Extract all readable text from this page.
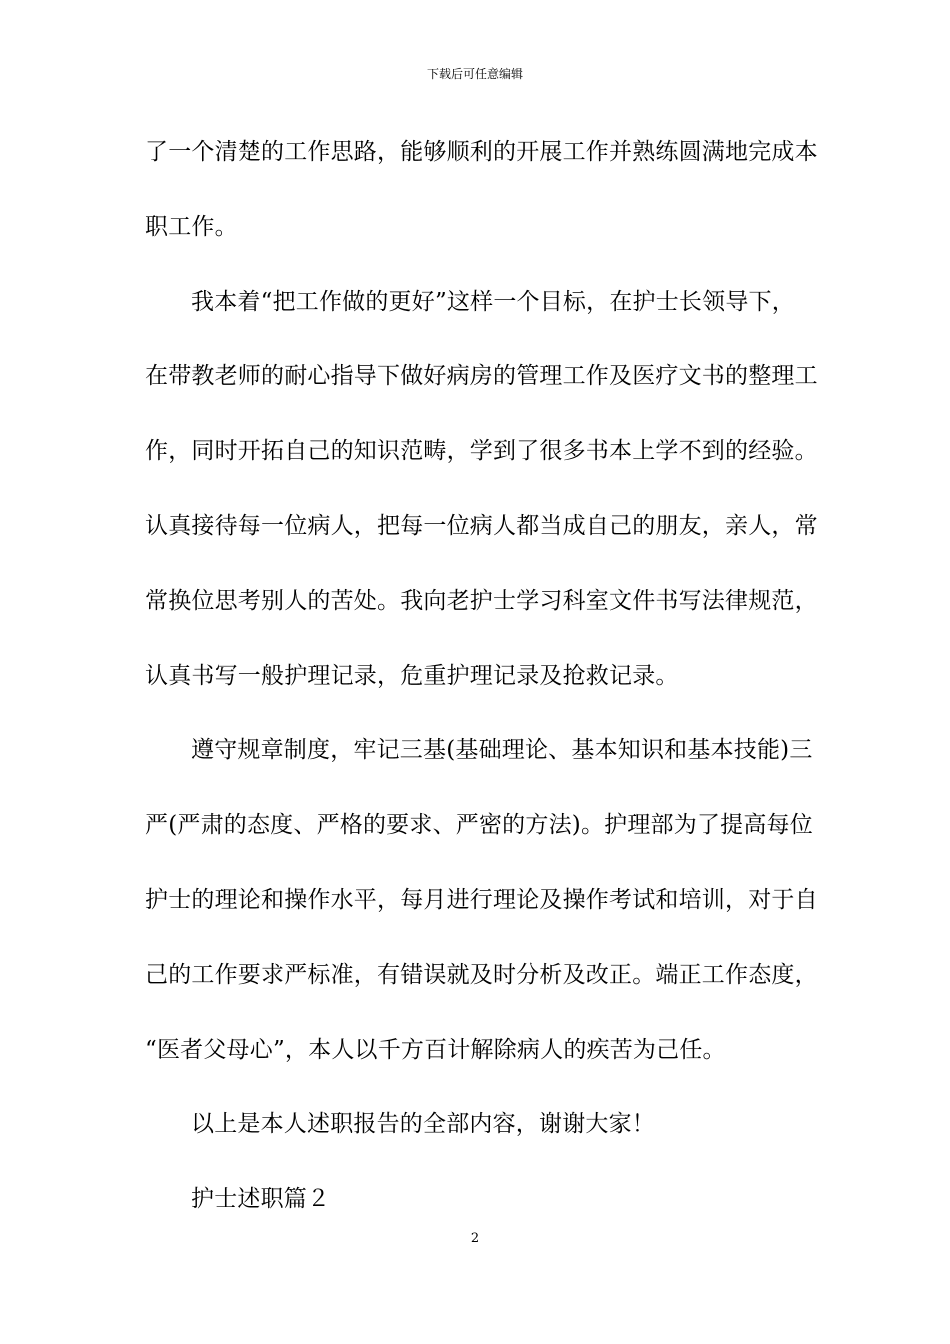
下载后可任意编辑
了一个清楚的工作思路，能够顺利的开展工作并熟练圆满地完成本
职工作。
我本着“把工作做的更好”这样一个目标，在护士长领导下，
在带教老师的耐心指导下做好病房的管理工作及医疗文书的整理工
作，同时开拓自己的知识范畴，学到了很多书本上学不到的经验。
认真接待每一位病人，把每一位病人都当成自己的朋友，亲人，常
常换位思考别人的苦处。我向老护士学习科室文件书写法律规范，
认真书写一般护理记录，危重护理记录及抢救记录。
遵守规章制度，牢记三基(基础理论、基本知识和基本技能)三
严(严肃的态度、严格的要求、严密的方法)。护理部为了提高每位
护士的理论和操作水平，每月进行理论及操作考试和培训，对于自
己的工作要求严标准，有错误就及时分析及改正。端正工作态度，
“医者父母心”，本人以千方百计解除病人的疾苦为己任。
以上是本人述职报告的全部内容，谢谢大家！
护士述职篇２
2
